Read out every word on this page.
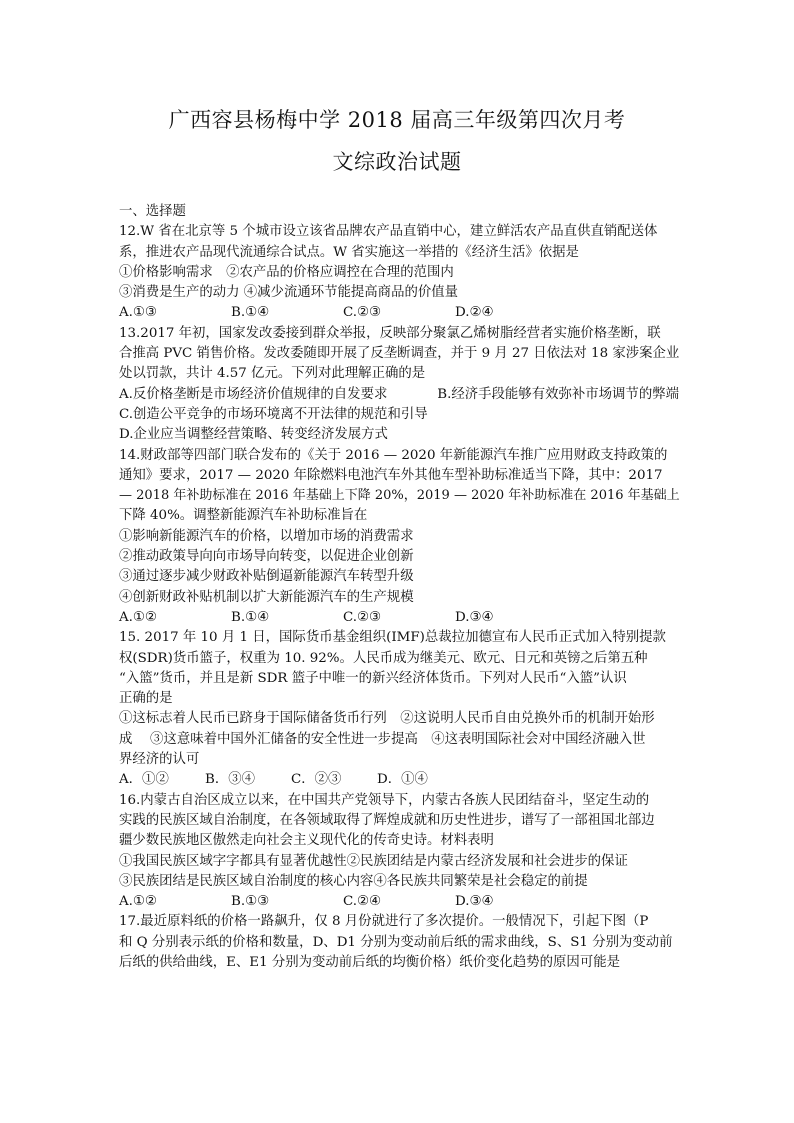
广西容县杨梅中学 2018 届高三年级第四次月考
文综政治试题
一、选择题
12.W 省在北京等 5 个城市设立该省品牌农产品直销中心，建立鲜活农产品直供直销配送体
系，推进农产品现代流通综合试点。W 省实施这一举措的《经济生活》依据是
①价格影响需求　②农产品的价格应调控在合理的范围内
③消费是生产的动力 ④减少流通环节能提高商品的价值量
A.①③	B.①④	C.②③	D.②④
13.2017 年初，国家发改委接到群众举报，反映部分聚氯乙烯树脂经营者实施价格垄断，联
合推高 PVC 销售价格。发改委随即开展了反垄断调查，并于 9 月 27 日依法对 18 家涉案企业
处以罚款，共计 4.57 亿元。下列对此理解正确的是
A.反价格垄断是市场经济价值规律的自发要求	B.经济手段能够有效弥补市场调节的弊端
C.创造公平竞争的市场环境离不开法律的规范和引导
D.企业应当调整经营策略、转变经济发展方式
14.财政部等四部门联合发布的《关于 2016 — 2020 年新能源汽车推广应用财政支持政策的
通知》要求，2017 — 2020 年除燃料电池汽车外其他车型补助标准适当下降，其中：2017
— 2018 年补助标准在 2016 年基础上下降 20%，2019 — 2020 年补助标准在 2016 年基础上
下降 40%。调整新能源汽车补助标准旨在
①影响新能源汽车的价格，以增加市场的消费需求
②推动政策导向向市场导向转变，以促进企业创新
③通过逐步减少财政补贴倒逼新能源汽车转型升级
④创新财政补贴机制以扩大新能源汽车的生产规模
A.①②	B.①④	C.②③	D.③④
15. 2017 年 10 月 1 日，国际货币基金组织(IMF)总裁拉加德宣布人民币正式加入特别提款
权(SDR)货币篮子，权重为 10. 92%。人民币成为继美元、欧元、日元和英镑之后第五种
“入篮”货币，并且是新 SDR 篮子中唯一的新兴经济体货币。下列对人民币“入篮”认识
正确的是
①这标志着人民币已跻身于国际储备货币行列　②这说明人民币自由兑换外币的机制开始形
成　 ③这意味着中国外汇储备的安全性进一步提高　④这表明国际社会对中国经济融入世
界经济的认可
A．①②	B．③④	C．②③	D．①④
16.内蒙古自治区成立以来，在中国共产党领导下，内蒙古各族人民团结奋斗，坚定生动的
实践的民族区域自治制度，在各领域取得了辉煌成就和历史性进步，谱写了一部祖国北部边
疆少数民族地区傲然走向社会主义现代化的传奇史诗。材料表明
①我国民族区域字字都具有显著优越性②民族团结是内蒙古经济发展和社会进步的保证
③民族团结是民族区域自治制度的核心内容④各民族共同繁荣是社会稳定的前提
A.①②	B.①③	C.②④	D.③④
17.最近原料纸的价格一路飙升，仅 8 月份就进行了多次提价。一般情况下，引起下图（P
和 Q 分别表示纸的价格和数量，D、D1 分别为变动前后纸的需求曲线，S、S1 分别为变动前
后纸的供给曲线，E、E1 分别为变动前后纸的均衡价格）纸价变化趋势的原因可能是
